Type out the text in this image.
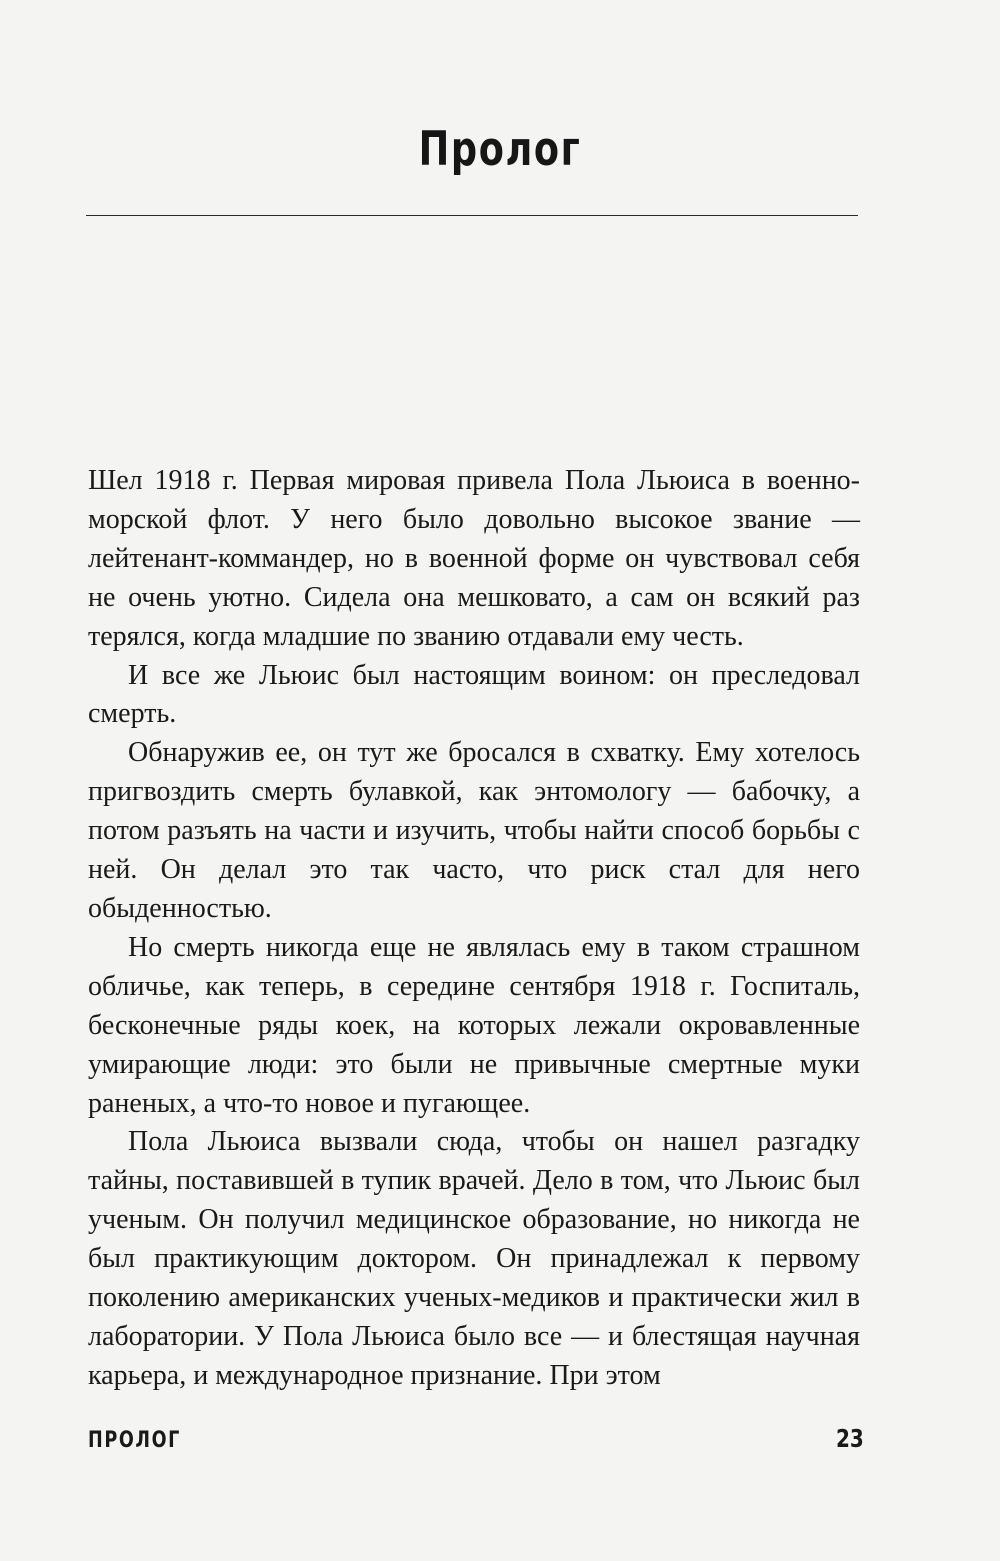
Пролог

Шел 1918 г. Первая мировая привела Пола Льюиса в военно-морской флот. У него было довольно высокое звание — лейтенант-коммандер, но в военной форме он чувствовал себя не очень уютно. Сидела она мешковато, а сам он всякий раз терялся, когда младшие по званию отдавали ему честь.

И все же Льюис был настоящим воином: он преследовал смерть.

Обнаружив ее, он тут же бросался в схватку. Ему хотелось пригвоздить смерть булавкой, как энтомологу — бабочку, а потом разъять на части и изучить, чтобы найти способ борьбы с ней. Он делал это так часто, что риск стал для него обыденностью.

Но смерть никогда еще не являлась ему в таком страшном обличье, как теперь, в середине сентября 1918 г. Госпиталь, бесконечные ряды коек, на которых лежали окровавленные умирающие люди: это были не привычные смертные муки раненых, а что-то новое и пугающее.

Пола Льюиса вызвали сюда, чтобы он нашел разгадку тайны, поставившей в тупик врачей. Дело в том, что Льюис был ученым. Он получил медицинское образование, но никогда не был практикующим доктором. Он принадлежал к первому поколению американских ученых-медиков и практически жил в лаборатории. У Пола Льюиса было все — и блестящая научная карьера, и международное признание. При этом

ПРОЛОГ	23
